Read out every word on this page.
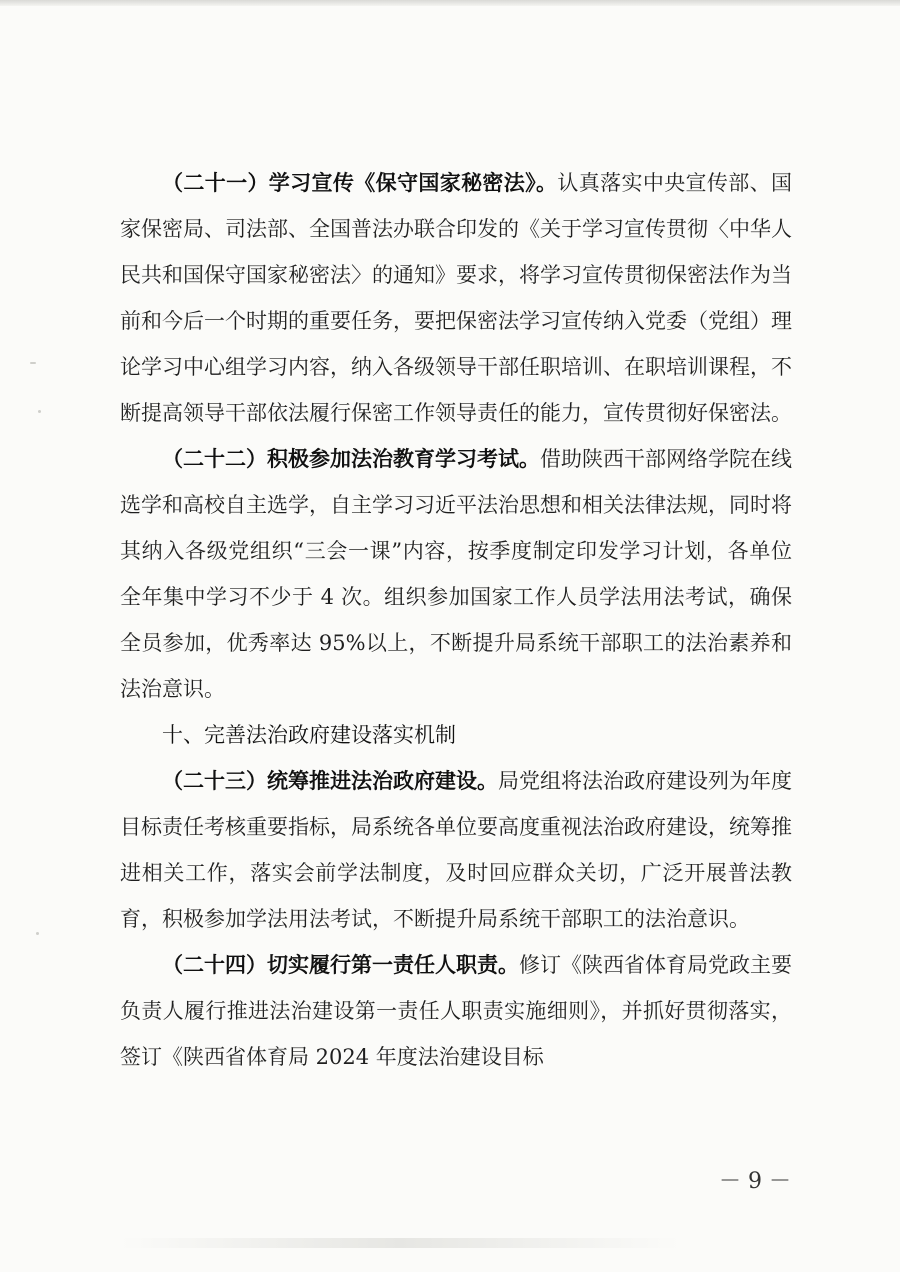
（二十一）学习宣传《保守国家秘密法》。认真落实中央宣传部、国家保密局、司法部、全国普法办联合印发的《关于学习宣传贯彻〈中华人民共和国保守国家秘密法〉的通知》要求，将学习宣传贯彻保密法作为当前和今后一个时期的重要任务，要把保密法学习宣传纳入党委（党组）理论学习中心组学习内容，纳入各级领导干部任职培训、在职培训课程，不断提高领导干部依法履行保密工作领导责任的能力，宣传贯彻好保密法。

（二十二）积极参加法治教育学习考试。借助陕西干部网络学院在线选学和高校自主选学，自主学习习近平法治思想和相关法律法规，同时将其纳入各级党组织“三会一课”内容，按季度制定印发学习计划，各单位全年集中学习不少于 4 次。组织参加国家工作人员学法用法考试，确保全员参加，优秀率达 95%以上，不断提升局系统干部职工的法治素养和法治意识。

十、完善法治政府建设落实机制

（二十三）统筹推进法治政府建设。局党组将法治政府建设列为年度目标责任考核重要指标，局系统各单位要高度重视法治政府建设，统筹推进相关工作，落实会前学法制度，及时回应群众关切，广泛开展普法教育，积极参加学法用法考试，不断提升局系统干部职工的法治意识。

（二十四）切实履行第一责任人职责。修订《陕西省体育局党政主要负责人履行推进法治建设第一责任人职责实施细则》，并抓好贯彻落实，签订《陕西省体育局 2024 年度法治建设目标

－ 9 －
